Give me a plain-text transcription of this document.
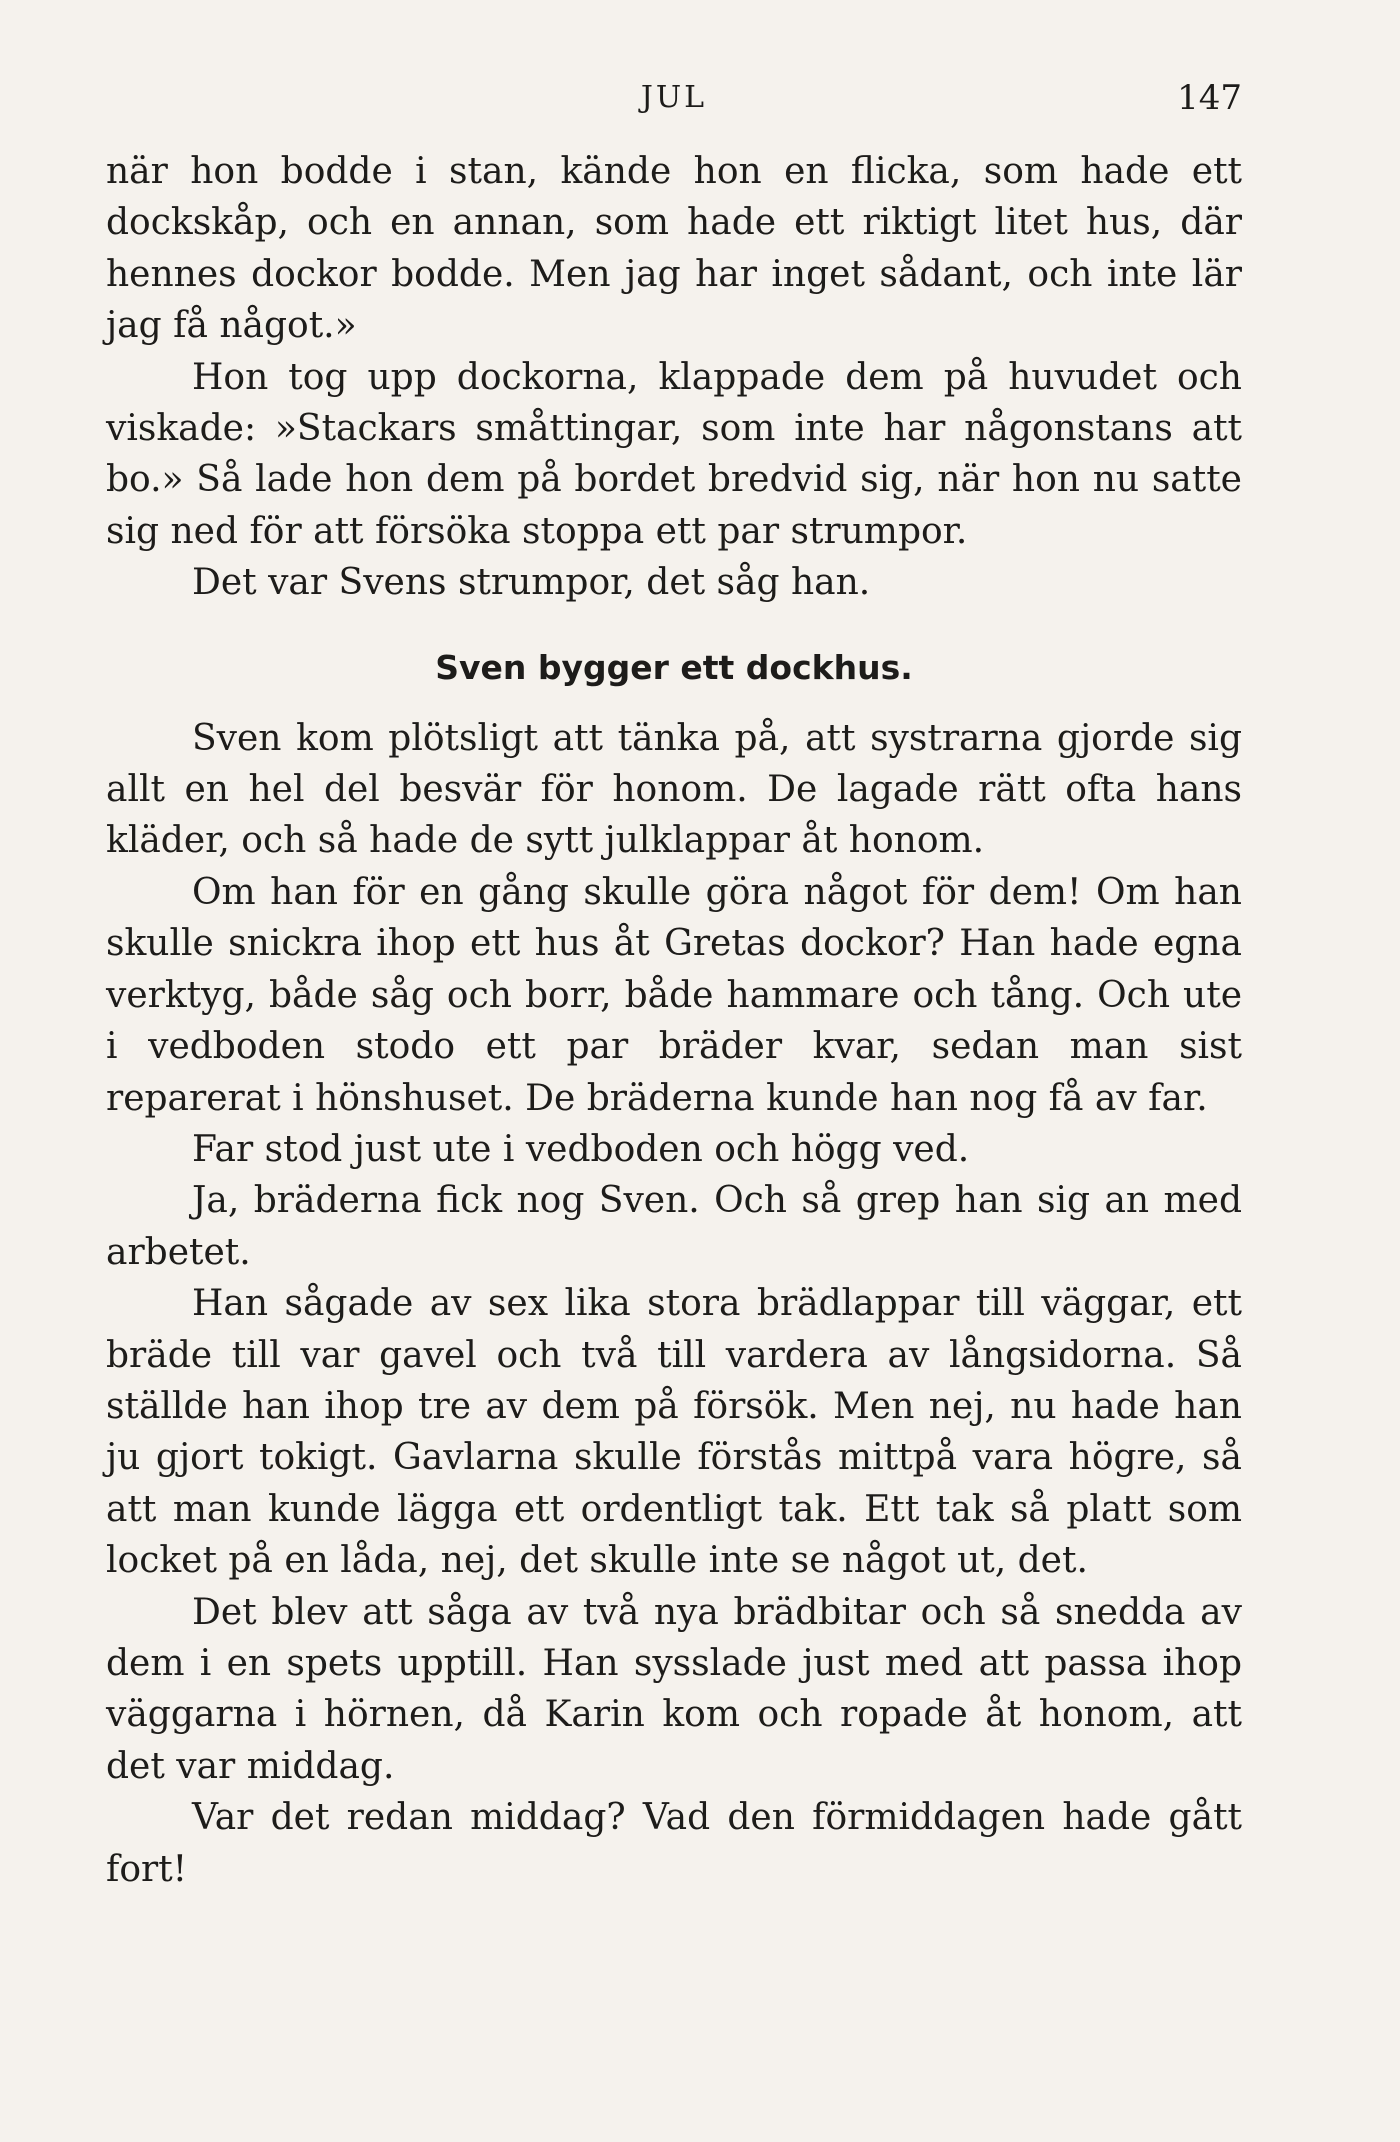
JUL	147

när hon bodde i stan, kände hon en flicka, som hade ett dockskåp, och en annan, som hade ett riktigt litet hus, där hennes dockor bodde. Men jag har inget sådant, och inte lär jag få något.»

Hon tog upp dockorna, klappade dem på huvudet och viskade: »Stackars småttingar, som inte har någonstans att bo.» Så lade hon dem på bordet bredvid sig, när hon nu satte sig ned för att försöka stoppa ett par strumpor.

Det var Svens strumpor, det såg han.

Sven bygger ett dockhus.

Sven kom plötsligt att tänka på, att systrarna gjorde sig allt en hel del besvär för honom. De lagade rätt ofta hans kläder, och så hade de sytt julklappar åt honom.

Om han för en gång skulle göra något för dem! Om han skulle snickra ihop ett hus åt Gretas dockor? Han hade egna verktyg, både såg och borr, både hammare och tång. Och ute i vedboden stodo ett par bräder kvar, sedan man sist reparerat i hönshuset. De bräderna kunde han nog få av far.

Far stod just ute i vedboden och högg ved.

Ja, bräderna fick nog Sven. Och så grep han sig an med arbetet.

Han sågade av sex lika stora brädlappar till väggar, ett bräde till var gavel och två till vardera av långsidorna. Så ställde han ihop tre av dem på försök. Men nej, nu hade han ju gjort tokigt. Gavlarna skulle förstås mittpå vara högre, så att man kunde lägga ett ordentligt tak. Ett tak så platt som locket på en låda, nej, det skulle inte se något ut, det.

Det blev att såga av två nya brädbitar och så snedda av dem i en spets upptill. Han sysslade just med att passa ihop väggarna i hörnen, då Karin kom och ropade åt honom, att det var middag.

Var det redan middag? Vad den förmiddagen hade gått fort!
